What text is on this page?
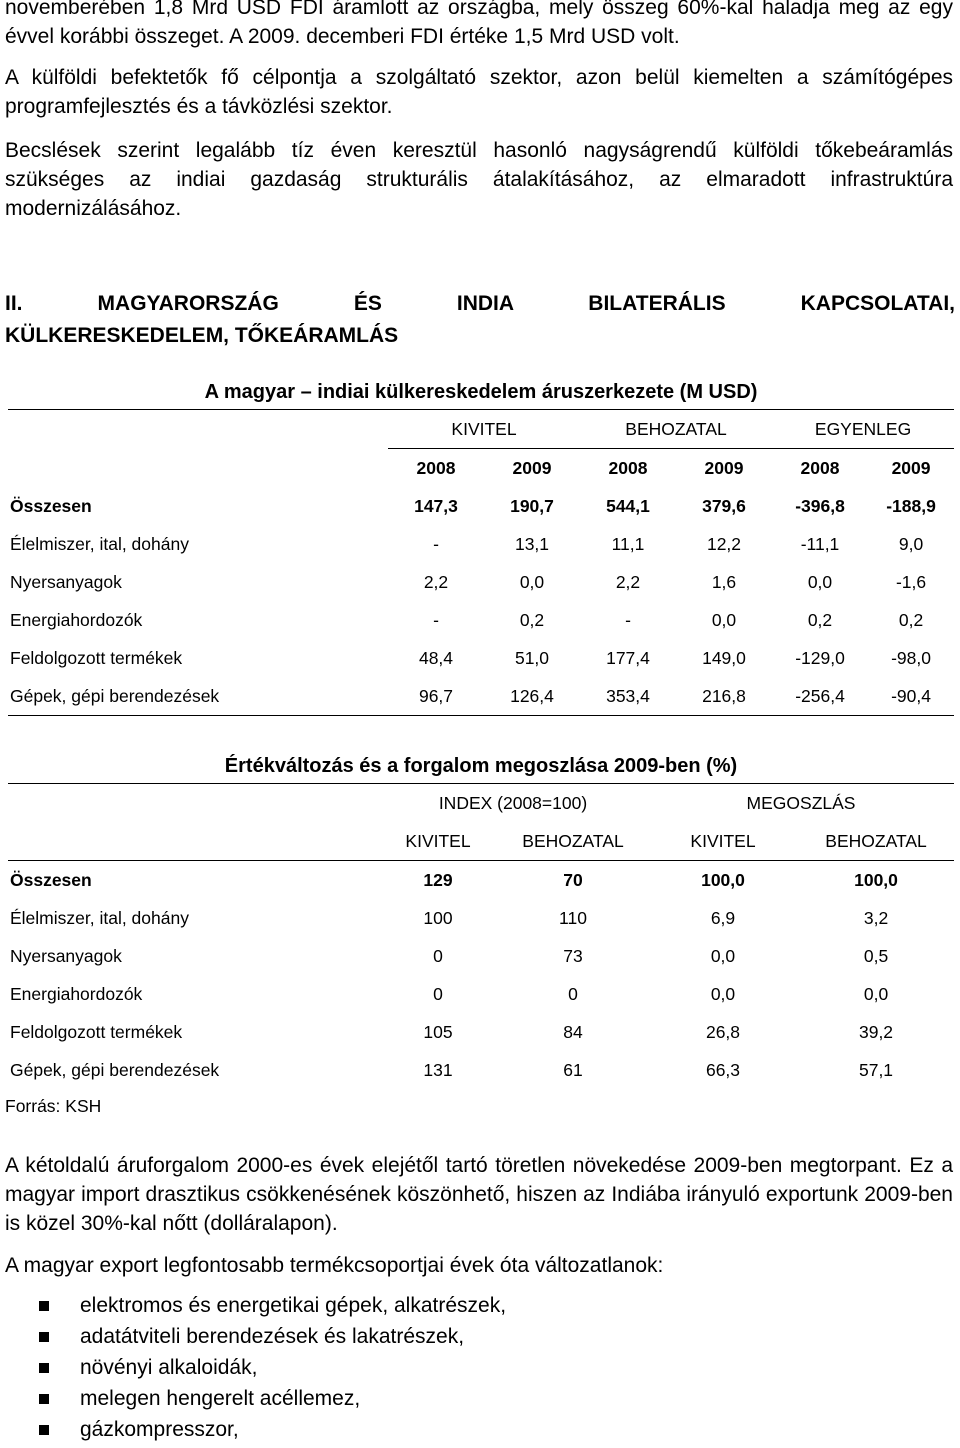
novemberében 1,8 Mrd USD FDI áramlott az országba, mely összeg 60%-kal haladja meg az egy évvel korábbi összeget. A 2009. decemberi FDI értéke 1,5 Mrd USD volt.

A külföldi befektetők fő célpontja a szolgáltató szektor, azon belül kiemelten a számítógépes programfejlesztés és a távközlési szektor.

Becslések szerint legalább tíz éven keresztül hasonló nagyságrendű külföldi tőkebeáramlás szükséges az indiai gazdaság strukturális átalakításához, az elmaradott infrastruktúra modernizálásához.

II. MAGYARORSZÁG ÉS INDIA BILATERÁLIS KAPCSOLATAI,
KÜLKERESKEDELEM, TŐKEÁRAMLÁS
A magyar – indiai külkereskedelem áruszerkezete (M USD)						
	KIVITEL		BEHOZATAL		EGYENLEG	
	2008	2009	2008	2009	2008	2009
Összesen	147,3	190,7	544,1	379,6	-396,8	-188,9
Élelmiszer, ital, dohány	-	13,1	11,1	12,2	-11,1	9,0
Nyersanyagok	2,2	0,0	2,2	1,6	0,0	-1,6
Energiahordozók	-	0,2	-	0,0	0,2	0,2
Feldolgozott termékek	48,4	51,0	177,4	149,0	-129,0	-98,0
Gépek, gépi berendezések	96,7	126,4	353,4	216,8	-256,4	-90,4
Értékváltozás és a forgalom megoszlása 2009-ben (%)				
	INDEX (2008=100)		MEGOSZLÁS	
	KIVITEL	BEHOZATAL	KIVITEL	BEHOZATAL
Összesen	129	70	100,0	100,0
Élelmiszer, ital, dohány	100	110	6,9	3,2
Nyersanyagok	0	73	0,0	0,5
Energiahordozók	0	0	0,0	0,0
Feldolgozott termékek	105	84	26,8	39,2
Gépek, gépi berendezések	131	61	66,3	57,1
Forrás: KSH

A kétoldalú áruforgalom 2000-es évek elejétől tartó töretlen növekedése 2009-ben megtorpant. Ez a magyar import drasztikus csökkenésének köszönhető, hiszen az Indiába irányuló exportunk 2009-ben is közel 30%-kal nőtt (dolláralapon).

A magyar export legfontosabb termékcsoportjai évek óta változatlanok:

elektromos és energetikai gépek, alkatrészek,
adatátviteli berendezések és lakatrészek,
növényi alkaloidák,
melegen hengerelt acéllemez,
gázkompresszor,
